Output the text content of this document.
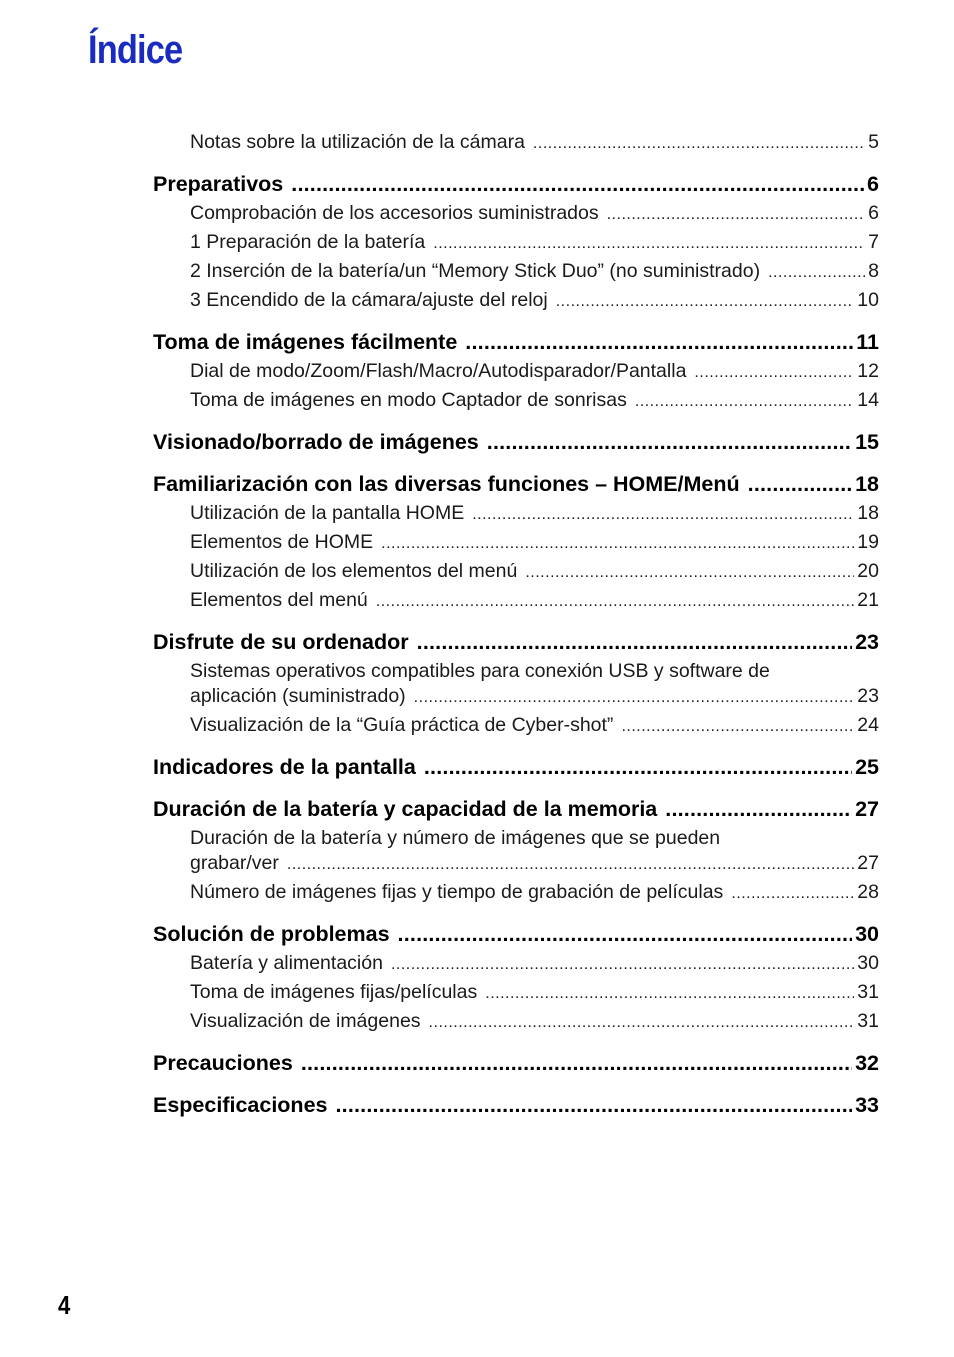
Índice
Notas sobre la utilización de la cámara .....	5
Preparativos .....	6
Comprobación de los accesorios suministrados .....	6
1 Preparación de la batería .....	7
2 Inserción de la batería/un “Memory Stick Duo” (no suministrado) .....	8
3 Encendido de la cámara/ajuste del reloj .....	10
Toma de imágenes fácilmente .....	11
Dial de modo/Zoom/Flash/Macro/Autodisparador/Pantalla .....	12
Toma de imágenes en modo Captador de sonrisas .....	14
Visionado/borrado de imágenes .....	15
Familiarización con las diversas funciones – HOME/Menú .....	18
Utilización de la pantalla HOME .....	18
Elementos de HOME .....	19
Utilización de los elementos del menú .....	20
Elementos del menú .....	21
Disfrute de su ordenador .....	23
Sistemas operativos compatibles para conexión USB y software de
aplicación (suministrado) .....	23
Visualización de la “Guía práctica de Cyber-shot” .....	24
Indicadores de la pantalla .....	25
Duración de la batería y capacidad de la memoria .....	27
Duración de la batería y número de imágenes que se pueden
grabar/ver .....	27
Número de imágenes fijas y tiempo de grabación de películas .....	28
Solución de problemas .....	30
Batería y alimentación .....	30
Toma de imágenes fijas/películas .....	31
Visualización de imágenes .....	31
Precauciones .....	32
Especificaciones .....	33
4
